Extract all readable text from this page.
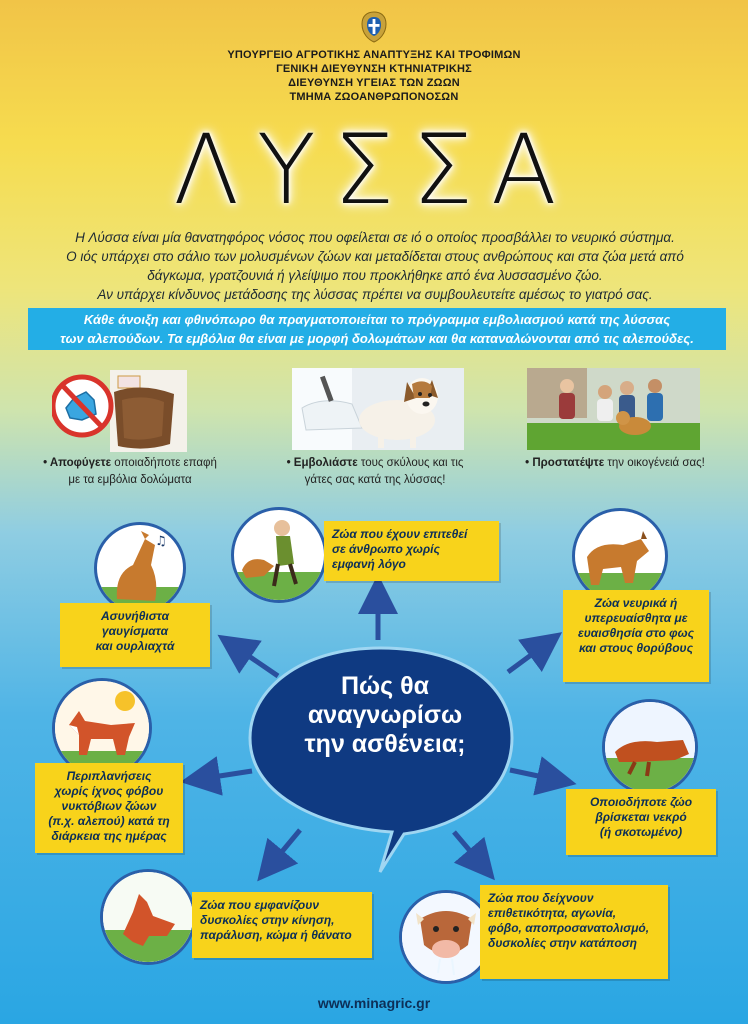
ΥΠΟΥΡΓΕΙΟ ΑΓΡΟΤΙΚΗΣ ΑΝΑΠΤΥΞΗΣ ΚΑΙ ΤΡΟΦΙΜΩΝ
ΓΕΝΙΚΗ ΔΙΕΥΘΥΝΣΗ ΚΤΗΝΙΑΤΡΙΚΗΣ
ΔΙΕΥΘΥΝΣΗ ΥΓΕΙΑΣ ΤΩΝ ΖΩΩΝ
ΤΜΗΜΑ ΖΩΟΑΝΘΡΩΠΟΝΟΣΩΝ
ΛΥΣΣΑ
Η Λύσσα είναι μία θανατηφόρος νόσος που οφείλεται σε ιό ο οποίος προσβάλλει το νευρικό σύστημα.
Ο ιός υπάρχει στο σάλιο των μολυσμένων ζώων και μεταδίδεται στους ανθρώπους και στα ζώα μετά από
δάγκωμα, γρατζουνιά ή γλείψιμο που προκλήθηκε από ένα λυσσασμένο ζώο.
Αν υπάρχει κίνδυνος μετάδοσης της λύσσας πρέπει να συμβουλευτείτε αμέσως το γιατρό σας.
Κάθε άνοιξη και φθινόπωρο θα πραγματοποιείται το πρόγραμμα εμβολιασμού κατά της λύσσας
των αλεπούδων. Τα εμβόλια θα είναι με μορφή δολωμάτων και θα καταναλώνονται από τις αλεπούδες.
• Αποφύγετε οποιαδήποτε επαφή
με τα εμβόλια δολώματα
• Εμβολιάστε τους σκύλους και τις
γάτες σας κατά της λύσσας!
• Προστατέψτε την οικογένειά σας!
Πώς θα
αναγνωρίσω
την ασθένεια;
♫
Ασυνήθιστα
γαυγίσματα
και ουρλιαχτά
Ζώα που έχουν επιτεθεί
σε άνθρωπο χωρίς
εμφανή λόγο
Ζώα νευρικά ή
υπερευαίσθητα με
ευαισθησία στο φως
και στους θορύβους
Περιπλανήσεις
χωρίς ίχνος φόβου
νυκτόβιων ζώων
(π.χ. αλεπού) κατά τη
διάρκεια της ημέρας
Οποιοδήποτε ζώο
βρίσκεται νεκρό
(ή σκοτωμένο)
Ζώα που εμφανίζουν
δυσκολίες στην κίνηση,
παράλυση, κώμα ή θάνατο
Ζώα που δείχνουν
επιθετικότητα, αγωνία,
φόβο, αποπροσανατολισμό,
δυσκολίες στην κατάποση
www.minagric.gr
